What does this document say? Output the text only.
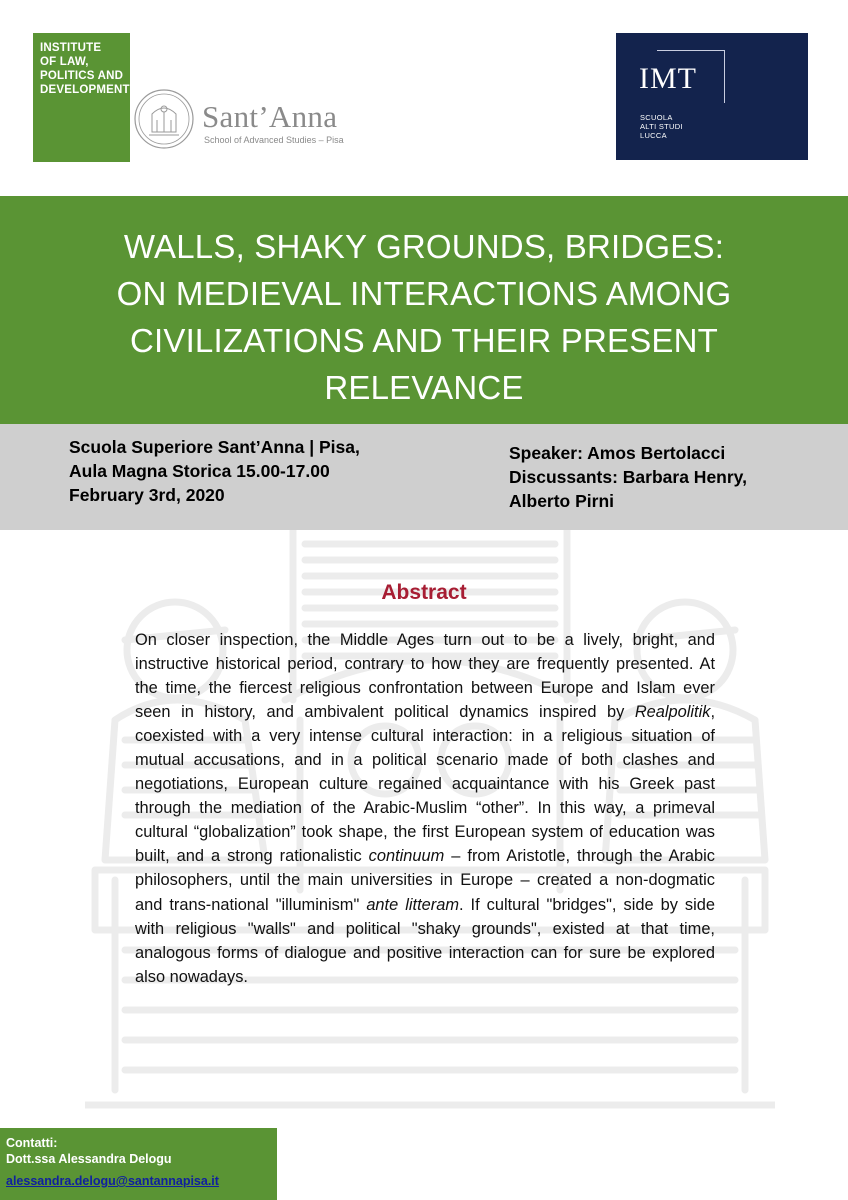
INSTITUTE
OF LAW,
POLITICS AND
DEVELOPMENT
Sant’Anna
School of Advanced Studies – Pisa
IMT
SCUOLA
ALTI STUDI
LUCCA
WALLS, SHAKY GROUNDS, BRIDGES:
ON MEDIEVAL INTERACTIONS AMONG
CIVILIZATIONS AND THEIR PRESENT
RELEVANCE
Scuola Superiore Sant’Anna | Pisa,
Aula Magna Storica 15.00-17.00
February 3rd, 2020
Speaker: Amos Bertolacci
Discussants: Barbara Henry,
Alberto Pirni
Abstract
On closer inspection, the Middle Ages turn out to be a lively, bright, and instructive historical period, contrary to how they are frequently presented. At the time, the fiercest religious confrontation between Europe and Islam ever seen in history, and ambivalent political dynamics inspired by Realpolitik, coexisted with a very intense cultural interaction: in a religious situation of mutual accusations, and in a political scenario made of both clashes and negotiations, European culture regained acquaintance with his Greek past through the mediation of the Arabic-Muslim “other”. In this way, a primeval cultural “globalization” took shape, the first European system of education was built, and a strong rationalistic continuum – from Aristotle, through the Arabic philosophers, until the main universities in Europe – created a non-dogmatic and trans-national "illuminism" ante litteram. If cultural "bridges", side by side with religious "walls" and political "shaky grounds", existed at that time, analogous forms of dialogue and positive interaction can for sure be explored also nowadays.
Contatti:
Dott.ssa Alessandra Delogu
alessandra.delogu@santannapisa.it
